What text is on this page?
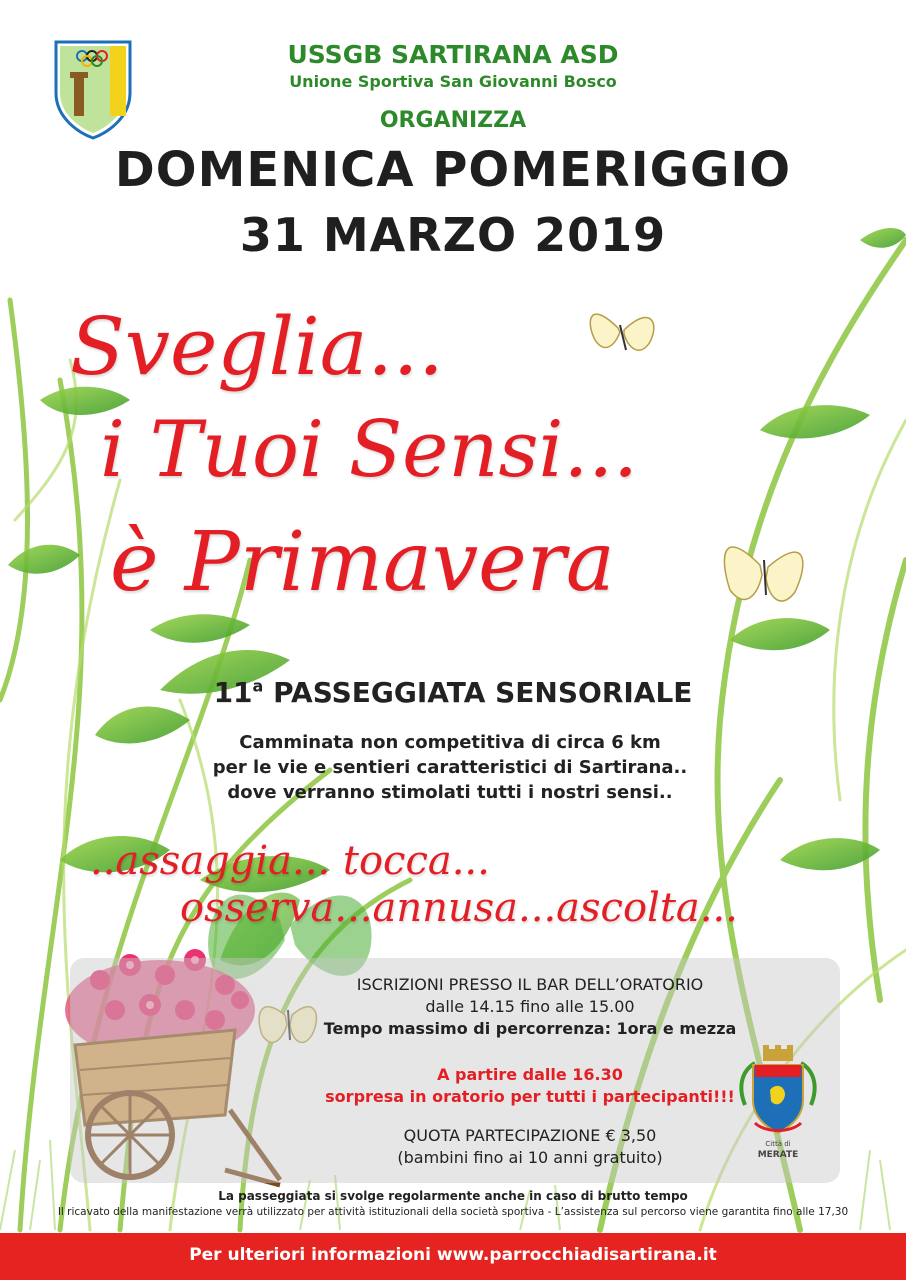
USSGB SARTIRANA ASD
Unione Sportiva San Giovanni Bosco
ORGANIZZA
DOMENICA POMERIGGIO
31 MARZO 2019
Sveglia...
i Tuoi Sensi...
è Primavera
11$^a$ PASSEGGIATA SENSORIALE
Camminata non competitiva di circa 6 km
per le vie e sentieri caratteristici di Sartirana..
dove verranno stimolati tutti i nostri sensi..
..assaggia... tocca...
osserva...annusa...ascolta...
ISCRIZIONI PRESSO IL BAR DELL’ORATORIO
dalle 14.15 fino alle 15.00
Tempo massimo di percorrenza: 1ora e mezza
A partire dalle 16.30
sorpresa in oratorio per tutti i partecipanti!!!
QUOTA PARTECIPAZIONE € 3,50
(bambini fino ai 10 anni gratuito)
Città di
MERATE
La passeggiata si svolge regolarmente anche in caso di brutto tempo
Il ricavato della manifestazione verrà utilizzato per attività istituzionali della società sportiva - L’assistenza sul percorso viene garantita fino alle 17,30
Per ulteriori informazioni www.parrocchiadisartirana.it
